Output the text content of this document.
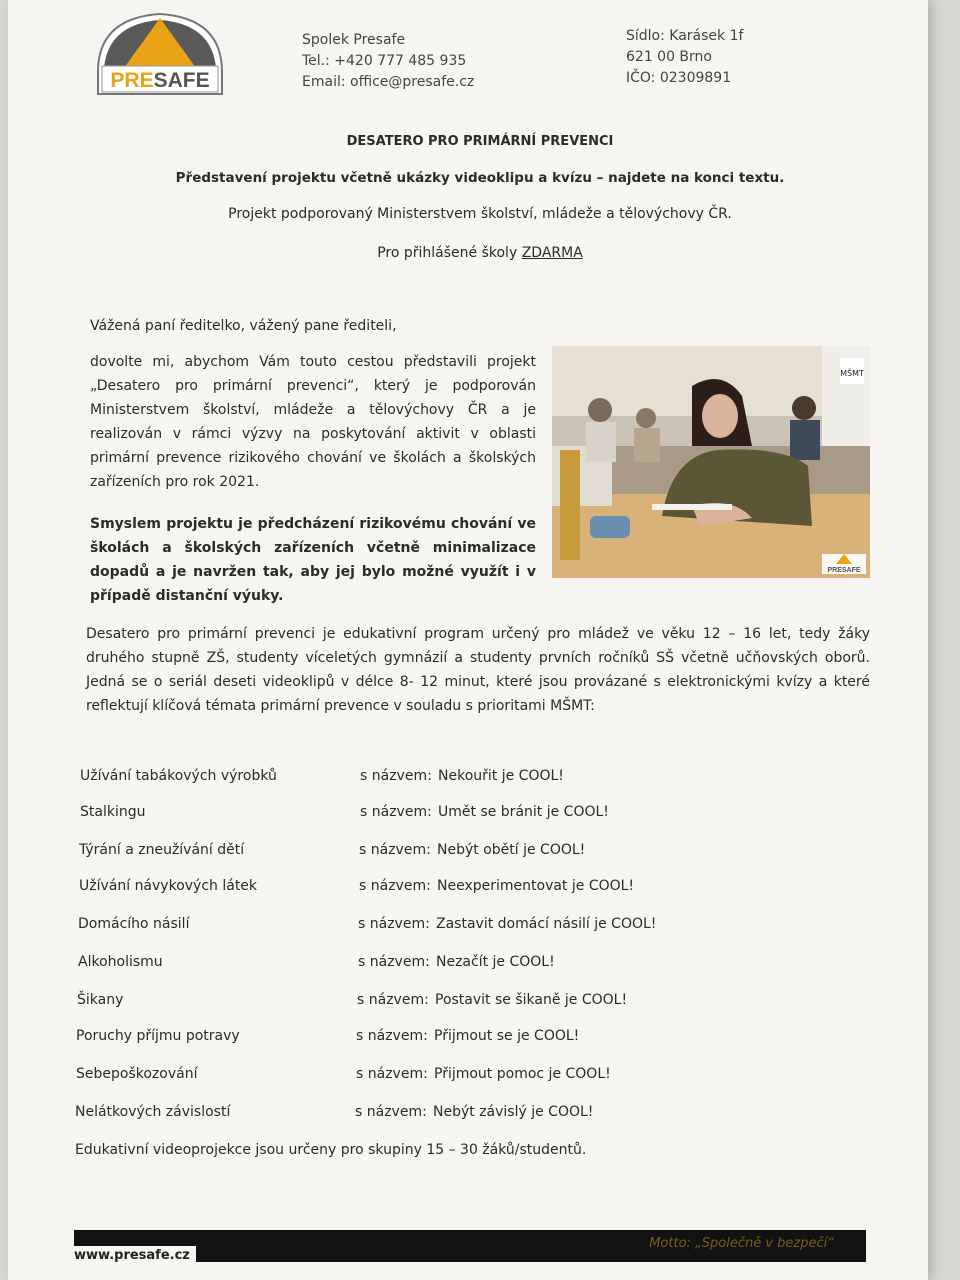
PRESAFE
Spolek Presafe
Tel.: +420 777 485 935
Email: office@presafe.cz
Sídlo: Karásek 1f
621 00 Brno
IČO: 02309891
DESATERO PRO PRIMÁRNÍ PREVENCI
Představení projektu včetně ukázky videoklipu a kvízu – najdete na konci textu.
Projekt podporovaný Ministerstvem školství, mládeže a tělovýchovy ČR.
Pro přihlášené školy ZDARMA
Vážená paní ředitelko, vážený pane řediteli,
dovolte mi, abychom Vám touto cestou představili projekt „Desatero pro primární prevenci“, který je podporován Ministerstvem školství, mládeže a tělovýchovy ČR a je realizován v rámci výzvy na poskytování aktivit v oblasti primární prevence rizikového chování ve školách a školských zařízeních pro rok 2021.
Smyslem projektu je předcházení rizikovému chování ve školách a školských zařízeních včetně minimalizace dopadů a je navržen tak, aby jej bylo možné využít i v případě distanční výuky.
MŠMT
PRESAFE
Desatero pro primární prevenci je edukativní program určený pro mládež ve věku 12 – 16 let, tedy žáky druhého stupně ZŠ, studenty víceletých gymnázií a studenty prvních ročníků SŠ včetně učňovských oborů. Jedná se o seriál deseti videoklipů v délce 8- 12 minut, které jsou provázané s elektronickými kvízy a které reflektují klíčová témata primární prevence v souladu s prioritami MŠMT:
Užívání tabákových výrobků	s názvem: Nekouřit je COOL!
Stalkingu	s názvem: Umět se bránit je COOL!
Týrání a zneužívání dětí	s názvem: Nebýt obětí je COOL!
Užívání návykových látek	s názvem: Neexperimentovat je COOL!
Domácího násilí	s názvem: Zastavit domácí násilí je COOL!
Alkoholismu	s názvem: Nezačít je COOL!
Šikany	s názvem: Postavit se šikaně je COOL!
Poruchy příjmu potravy	s názvem: Přijmout se je COOL!
Sebepoškozování	s názvem: Přijmout pomoc je COOL!
Nelátkových závislostí	s názvem: Nebýt závislý je COOL!
Edukativní videoprojekce jsou určeny pro skupiny 15 – 30 žáků/studentů.
Motto: „Společně v bezpečí“
www.presafe.cz
